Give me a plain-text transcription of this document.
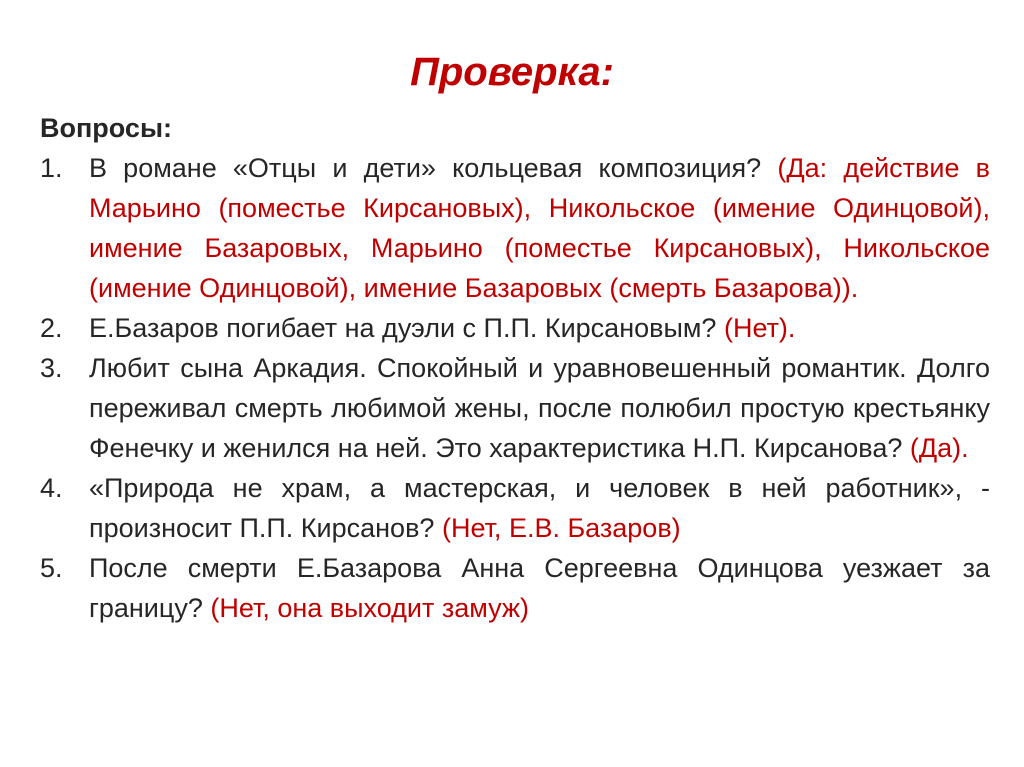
Проверка:

Вопросы:

1. В романе «Отцы и дети» кольцевая композиция? (Да: действие в Марьино (поместье Кирсановых), Никольское (имение Одинцовой), имение Базаровых, Марьино (поместье Кирсановых), Никольское (имение Одинцовой), имение Базаровых (смерть Базарова)).
2. Е.Базаров погибает на дуэли с П.П. Кирсановым? (Нет).
3. Любит сына Аркадия. Спокойный и уравновешенный романтик. Долго переживал смерть любимой жены, после полюбил простую крестьянку Фенечку и женился на ней. Это характеристика Н.П. Кирсанова? (Да).
4. «Природа не храм, а мастерская, и человек в ней работник», - произносит П.П. Кирсанов? (Нет, Е.В. Базаров)
5. После смерти Е.Базарова Анна Сергеевна Одинцова уезжает за границу? (Нет, она выходит замуж)
